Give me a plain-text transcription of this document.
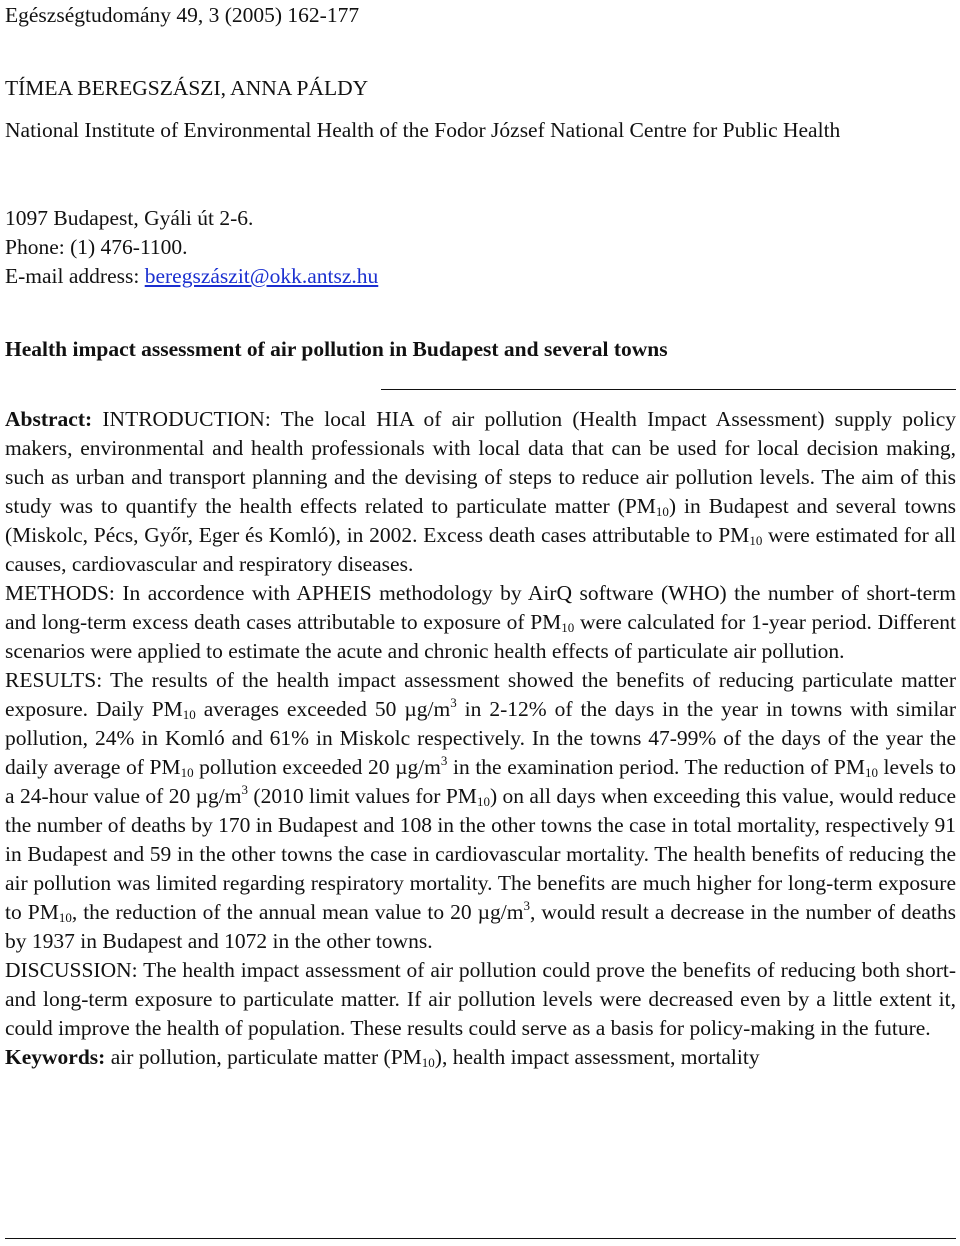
Egészségtudomány 49, 3 (2005) 162-177
TÍMEA BEREGSZÁSZI, ANNA PÁLDY
National Institute of Environmental Health of the Fodor József National Centre for Public Health
1097 Budapest, Gyáli út 2-6.
Phone: (1) 476-1100.
E-mail address: beregszászit@okk.antsz.hu
Health impact assessment of air pollution in Budapest and several towns

Abstract: INTRODUCTION: The local HIA of air pollution (Health Impact Assessment) supply policy makers, environmental and health professionals with local data that can be used for local decision making, such as urban and transport planning and the devising of steps to reduce air pollution levels. The aim of this study was to quantify the health effects related to particulate matter $(PM_{10})$ in Budapest and several towns (Miskolc, Pécs, Győr, Eger és Komló), in 2002. Excess death cases attributable to $PM_{10}$ were estimated for all causes, cardiovascular and respiratory diseases.

METHODS: In accordence with APHEIS methodology by AirQ software (WHO) the number of short-term and long-term excess death cases attributable to exposure of $PM_{10}$ were calculated for 1-year period. Different scenarios were applied to estimate the acute and chronic health effects of particulate air pollution.

RESULTS: The results of the health impact assessment showed the benefits of reducing particulate matter exposure. Daily $PM_{10}$ averages exceeded 50 $\mu g/m^3$ in 2-12% of the days in the year in towns with similar pollution, 24% in Komló and 61% in Miskolc respectively. In the towns 47-99% of the days of the year the daily average of $PM_{10}$ pollution exceeded 20 $\mu g/m^3$ in the examination period. The reduction of $PM_{10}$ levels to a 24-hour value of 20 $\mu g/m^3$ (2010 limit values for $PM_{10}$) on all days when exceeding this value, would reduce the number of deaths by 170 in Budapest and 108 in the other towns the case in total mortality, respectively 91 in Budapest and 59 in the other towns the case in cardiovascular mortality. The health benefits of reducing the air pollution was limited regarding respiratory mortality. The benefits are much higher for long-term exposure to $PM_{10}$, the reduction of the annual mean value to 20 $\mu g/m^3$, would result a decrease in the number of deaths by 1937 in Budapest and 1072 in the other towns.

DISCUSSION: The health impact assessment of air pollution could prove the benefits of reducing both short- and long-term exposure to particulate matter. If air pollution levels were decreased even by a little extent it, could improve the health of population. These results could serve as a basis for policy-making in the future.

Keywords: air pollution, particulate matter $(PM_{10})$, health impact assessment, mortality
